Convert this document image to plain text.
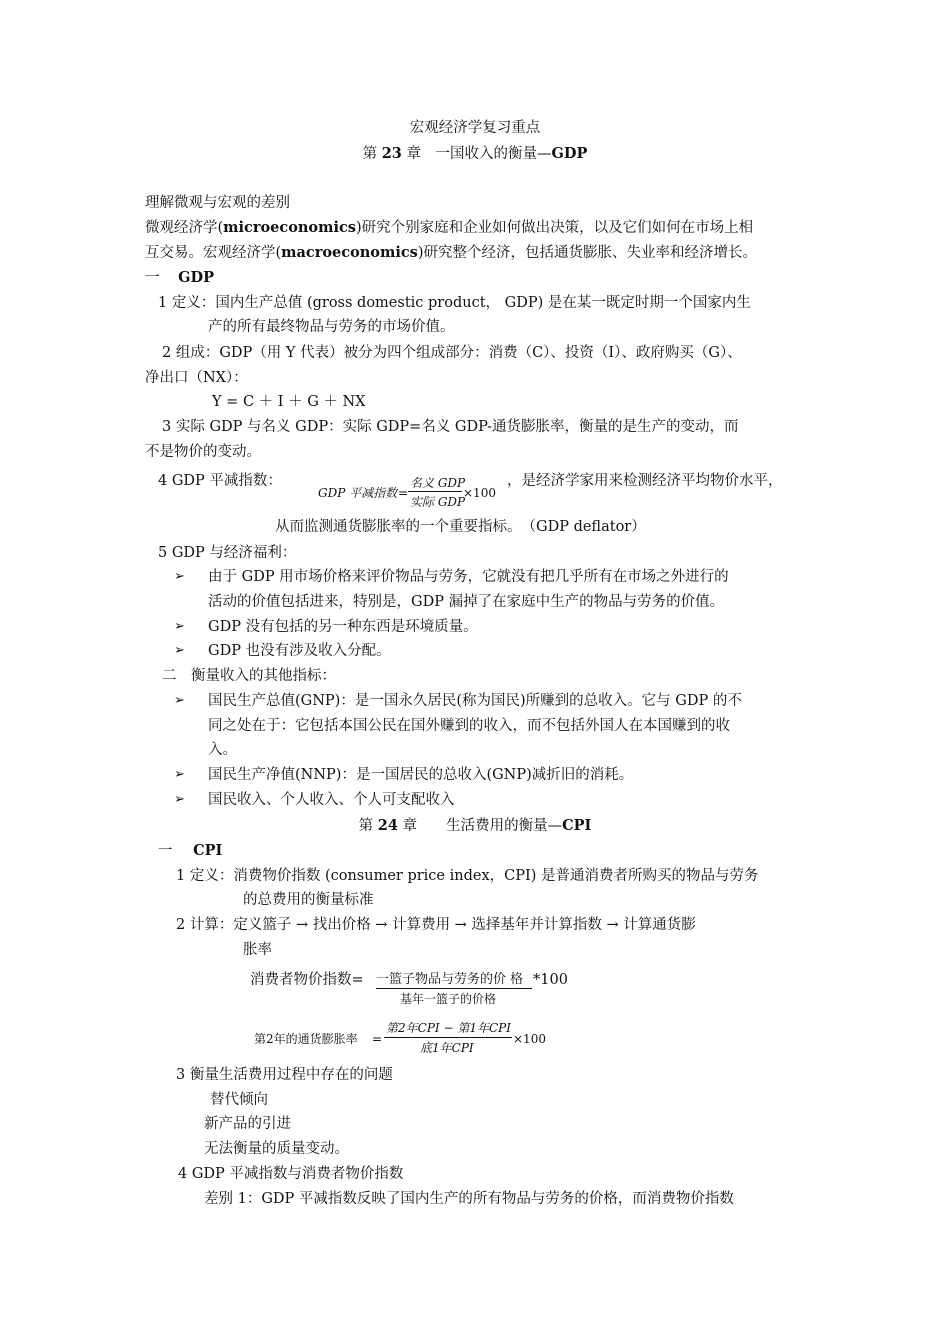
宏观经济学复习重点
第 23 章　一国收入的衡量—GDP
理解微观与宏观的差别
微观经济学(microeconomics)研究个别家庭和企业如何做出决策，以及它们如何在市场上相
互交易。宏观经济学(macroeconomics)研究整个经济，包括通货膨胀、失业率和经济增长。
一 GDP
1 定义：国内生产总值 (gross domestic product， GDP) 是在某一既定时期一个国家内生
产的所有最终物品与劳务的市场价值。
2 组成：GDP（用 Y 代表）被分为四个组成部分：消费（C）、投资（I）、政府购买（G）、
净出口（NX）：
Y = C ＋ I ＋ G ＋ NX
3 实际 GDP 与名义 GDP：实际 GDP=名义 GDP-通货膨胀率，衡量的是生产的变动，而
不是物价的变动。
4 GDP 平减指数：
GDP 平减指数 =
名义 GDP
实际 GDP
×100
，是经济学家用来检测经济平均物价水平，
从而监测通货膨胀率的一个重要指标。　（GDP deflator）
5 GDP 与经济福利：
➢ 由于 GDP 用市场价格来评价物品与劳务，它就没有把几乎所有在市场之外进行的
活动的价值包括进来，特别是，GDP 漏掉了在家庭中生产的物品与劳务的价值。
➢ GDP 没有包括的另一种东西是环境质量。
➢ GDP 也没有涉及收入分配。
二　衡量收入的其他指标：
➢ 国民生产总值(GNP)：是一国永久居民(称为国民)所赚到的总收入。它与 GDP 的不
同之处在于：它包括本国公民在国外赚到的收入，而不包括外国人在本国赚到的收
入。
➢ 国民生产净值(NNP)：是一国居民的总收入(GNP)减折旧的消耗。
➢ 国民收入、个人收入、个人可支配收入
第 24 章　　生活费用的衡量—CPI
一 CPI
1 定义：消费物价指数 (consumer price index，CPI) 是普通消费者所购买的物品与劳务
的总费用的衡量标准
2 计算：定义篮子 → 找出价格 → 计算费用 → 选择基年并计算指数 → 计算通货膨
胀率
消费者物价指数= 一篮子物品与劳务的价 格 *100
基年一篮子的价格
第2年的通货膨胀率 =
第2年CPI − 第1年CPI
底1年CPI
×100
3 衡量生活费用过程中存在的问题
替代倾向
新产品的引进
无法衡量的质量变动。
4 GDP 平减指数与消费者物价指数
差别 1：GDP 平减指数反映了国内生产的所有物品与劳务的价格，而消费物价指数
